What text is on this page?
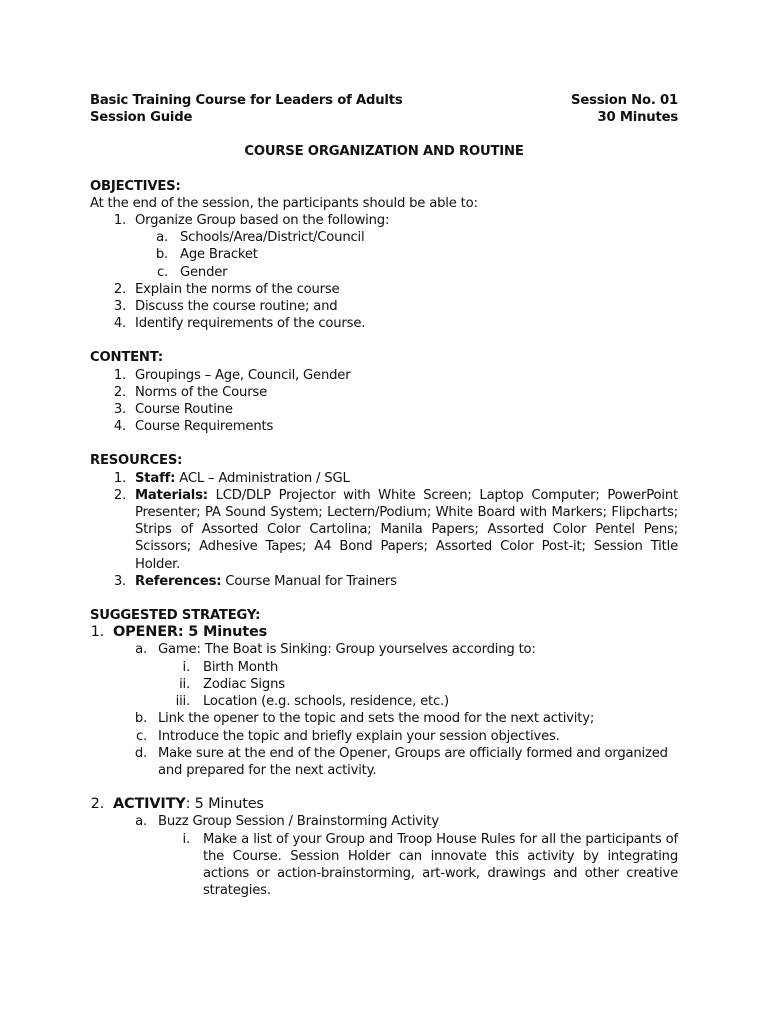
Basic Training Course for Leaders of Adults	Session No. 01
Session Guide	30 Minutes
COURSE ORGANIZATION AND ROUTINE
OBJECTIVES:
At the end of the session, the participants should be able to:
1. Organize Group based on the following:
a. Schools/Area/District/Council
b. Age Bracket
c. Gender
2. Explain the norms of the course
3. Discuss the course routine; and
4. Identify requirements of the course.
CONTENT:
1. Groupings – Age, Council, Gender
2. Norms of the Course
3. Course Routine
4. Course Requirements
RESOURCES:
1. Staff: ACL – Administration / SGL
2. Materials: LCD/DLP Projector with White Screen; Laptop Computer; PowerPoint Presenter; PA Sound System; Lectern/Podium; White Board with Markers; Flipcharts; Strips of Assorted Color Cartolina; Manila Papers; Assorted Color Pentel Pens; Scissors; Adhesive Tapes; A4 Bond Papers; Assorted Color Post-it; Session Title Holder.
3. References: Course Manual for Trainers
SUGGESTED STRATEGY:
1. OPENER: 5 Minutes
a. Game: The Boat is Sinking: Group yourselves according to:
i. Birth Month
ii. Zodiac Signs
iii. Location (e.g. schools, residence, etc.)
b. Link the opener to the topic and sets the mood for the next activity;
c. Introduce the topic and briefly explain your session objectives.
d. Make sure at the end of the Opener, Groups are officially formed and organized and prepared for the next activity.
2. ACTIVITY: 5 Minutes
a. Buzz Group Session / Brainstorming Activity
i. Make a list of your Group and Troop House Rules for all the participants of the Course. Session Holder can innovate this activity by integrating actions or action-brainstorming, art-work, drawings and other creative strategies.
